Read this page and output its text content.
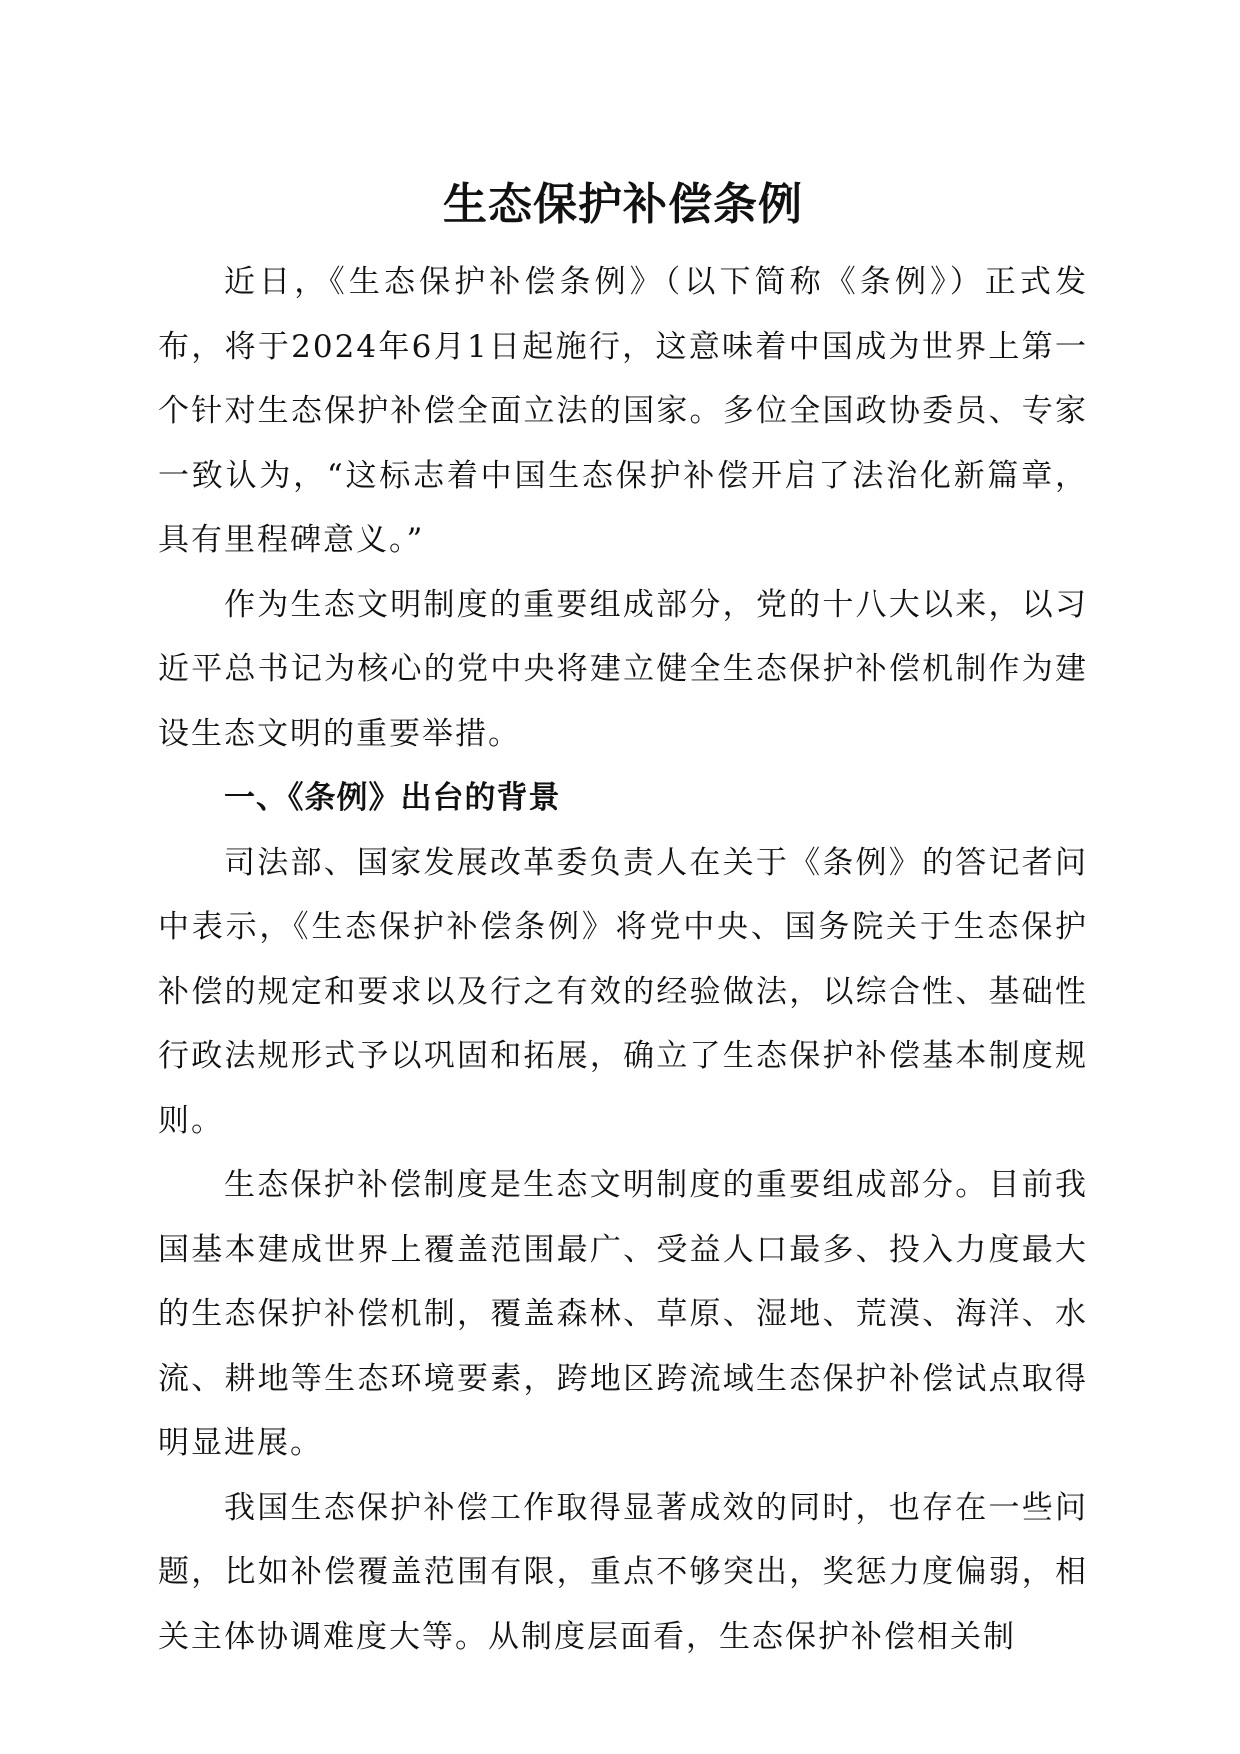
生态保护补偿条例

近日，《生态保护补偿条例》（以下简称《条例》）正式发布，将于2024年6月1日起施行，这意味着中国成为世界上第一个针对生态保护补偿全面立法的国家。多位全国政协委员、专家一致认为，“这标志着中国生态保护补偿开启了法治化新篇章，具有里程碑意义。”

作为生态文明制度的重要组成部分，党的十八大以来，以习近平总书记为核心的党中央将建立健全生态保护补偿机制作为建设生态文明的重要举措。

一、《条例》出台的背景

司法部、国家发展改革委负责人在关于《条例》的答记者问中表示，《生态保护补偿条例》将党中央、国务院关于生态保护补偿的规定和要求以及行之有效的经验做法，以综合性、基础性行政法规形式予以巩固和拓展，确立了生态保护补偿基本制度规则。

生态保护补偿制度是生态文明制度的重要组成部分。目前我国基本建成世界上覆盖范围最广、受益人口最多、投入力度最大的生态保护补偿机制，覆盖森林、草原、湿地、荒漠、海洋、水流、耕地等生态环境要素，跨地区跨流域生态保护补偿试点取得明显进展。

我国生态保护补偿工作取得显著成效的同时，也存在一些问题，比如补偿覆盖范围有限，重点不够突出，奖惩力度偏弱，相关主体协调难度大等。从制度层面看，生态保护补偿相关制
